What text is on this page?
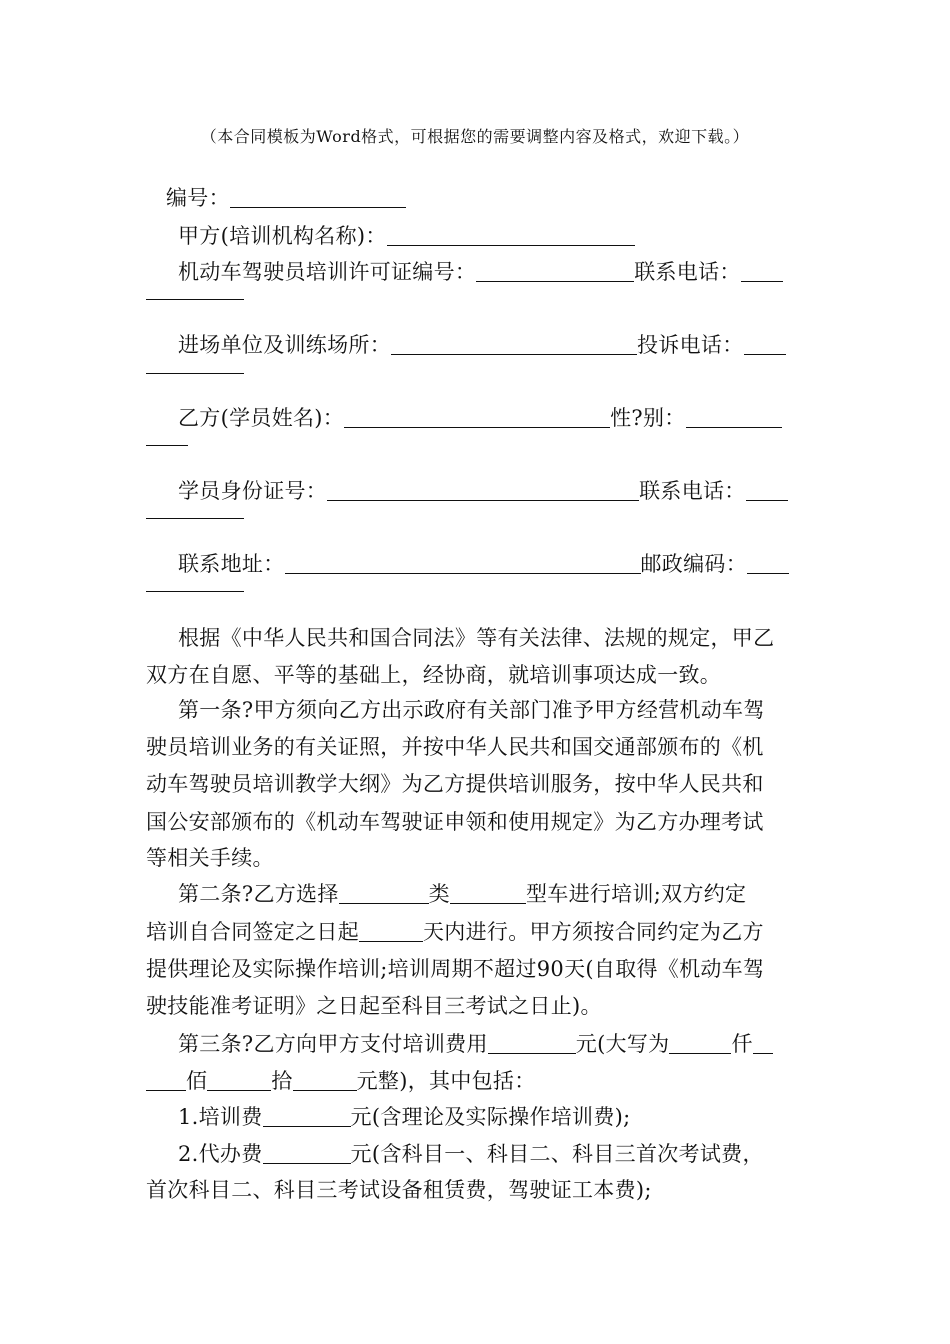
（本合同模板为Word格式，可根据您的需要调整内容及格式，欢迎下载。）
编号：
甲方(培训机构名称)：
机动车驾驶员培训许可证编号：	联系电话：
进场单位及训练场所：	投诉电话：
乙方(学员姓名)：	性?别：
学员身份证号：	联系电话：
联系地址：	邮政编码：
根据《中华人民共和国合同法》等有关法律、法规的规定，甲乙
双方在自愿、平等的基础上，经协商，就培训事项达成一致。
第一条?甲方须向乙方出示政府有关部门准予甲方经营机动车驾
驶员培训业务的有关证照，并按中华人民共和国交通部颁布的《机
动车驾驶员培训教学大纲》为乙方提供培训服务，按中华人民共和
国公安部颁布的《机动车驾驶证申领和使用规定》为乙方办理考试
等相关手续。
第二条?乙方选择	类	型车进行培训;双方约定
培训自合同签定之日起	天内进行。甲方须按合同约定为乙方
提供理论及实际操作培训;培训周期不超过90天(自取得《机动车驾
驶技能准考证明》之日起至科目三考试之日止)。
第三条?乙方向甲方支付培训费用	元(大写为	仟
佰	拾	元整)，其中包括：
1.培训费	元(含理论及实际操作培训费);
2.代办费	元(含科目一、科目二、科目三首次考试费，
首次科目二、科目三考试设备租赁费，驾驶证工本费);
